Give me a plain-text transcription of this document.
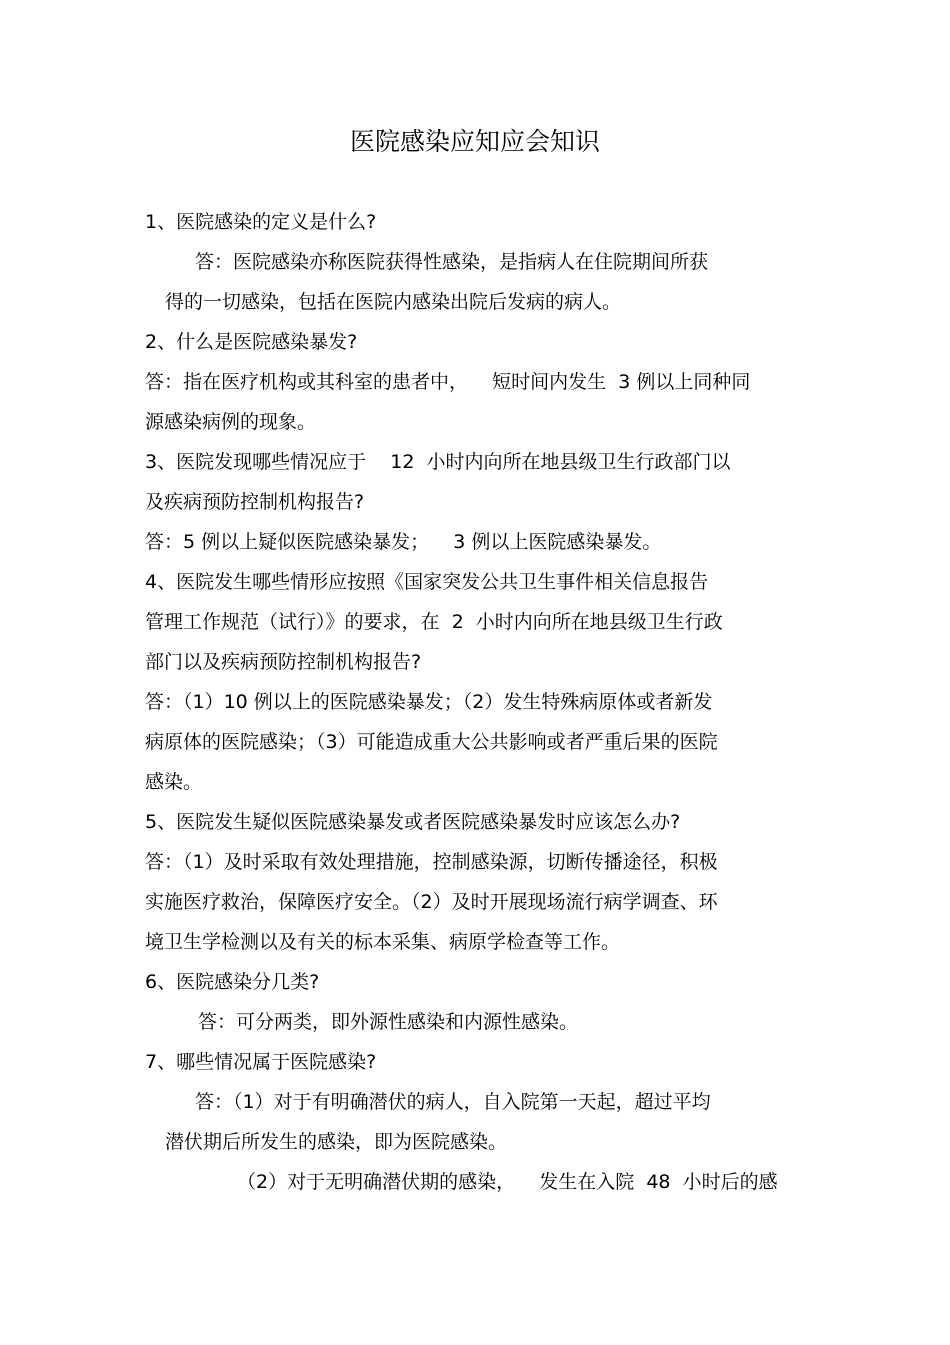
医院感染应知应会知识
1、医院感染的定义是什么?
答：医院感染亦称医院获得性感染，是指病人在住院期间所获
得的一切感染，包括在医院内感染出院后发病的病人。
2、什么是医院感染暴发?
答：指在医疗机构或其科室的患者中，    短时间内发生  3 例以上同种同
源感染病例的现象。
3、医院发现哪些情况应于    12  小时内向所在地县级卫生行政部门以
及疾病预防控制机构报告?
答：5 例以上疑似医院感染暴发；    3 例以上医院感染暴发。
4、医院发生哪些情形应按照《国家突发公共卫生事件相关信息报告
管理工作规范（试行）》的要求，在  2  小时内向所在地县级卫生行政
部门以及疾病预防控制机构报告?
答：（1）10 例以上的医院感染暴发；（2）发生特殊病原体或者新发
病原体的医院感染；（3）可能造成重大公共影响或者严重后果的医院
感染。
5、医院发生疑似医院感染暴发或者医院感染暴发时应该怎么办?
答：（1）及时采取有效处理措施，控制感染源，切断传播途径，积极
实施医疗救治，保障医疗安全。（2）及时开展现场流行病学调查、环
境卫生学检测以及有关的标本采集、病原学检查等工作。
6、医院感染分几类?
答：可分两类，即外源性感染和内源性感染。
7、哪些情况属于医院感染?
答：（1）对于有明确潜伏的病人，自入院第一天起，超过平均
潜伏期后所发生的感染，即为医院感染。
（2）对于无明确潜伏期的感染，    发生在入院  48  小时后的感
